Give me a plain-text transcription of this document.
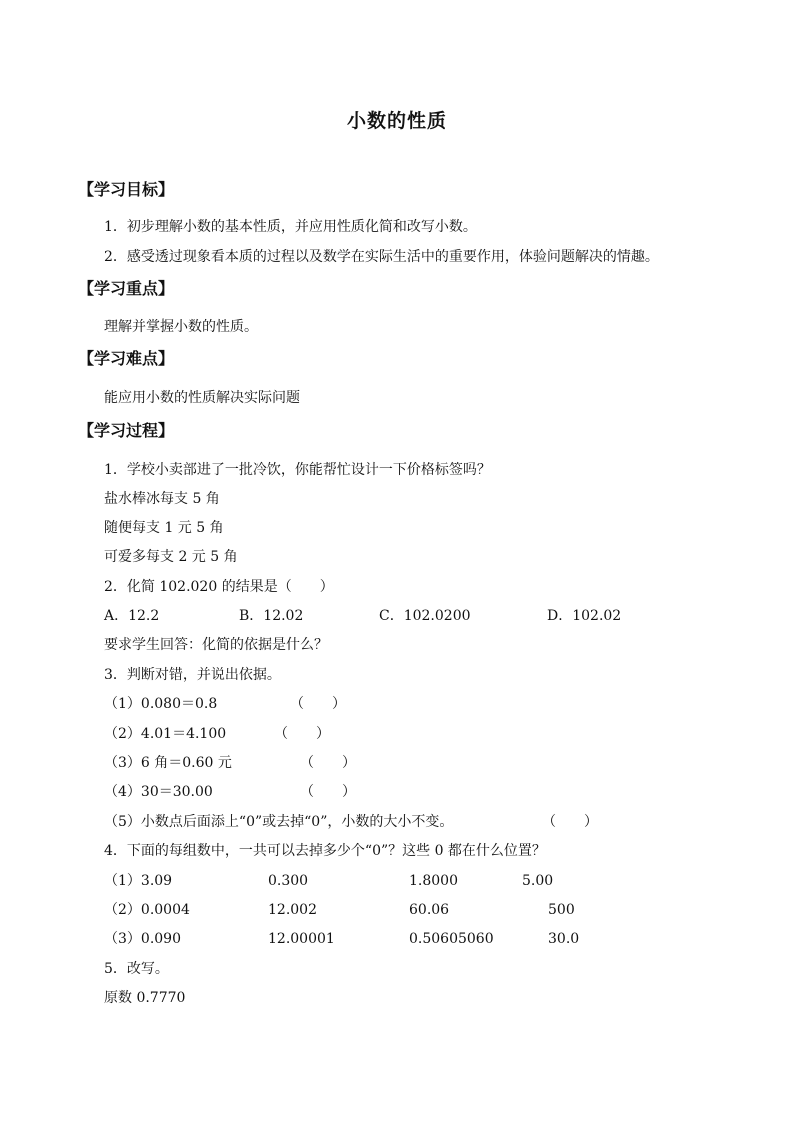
小数的性质
【学习目标】
1．初步理解小数的基本性质，并应用性质化简和改写小数。
2．感受透过现象看本质的过程以及数学在实际生活中的重要作用，体验问题解决的情趣。
【学习重点】
理解并掌握小数的性质。
【学习难点】
能应用小数的性质解决实际问题
【学习过程】
1．学校小卖部进了一批冷饮，你能帮忙设计一下价格标签吗？
盐水棒冰每支 5 角
随便每支 1 元 5 角
可爱多每支 2 元 5 角
2．化简 102.020 的结果是（　　）
A．12.2	B．12.02	C．102.0200	D．102.02
要求学生回答：化简的依据是什么？
3．判断对错，并说出依据。
（1）0.080＝0.8	（　　）
（2）4.01＝4.100	（　　）
（3）6 角＝0.60 元	（　　）
（4）30＝30.00	（　　）
（5）小数点后面添上“0”或去掉“0”，小数的大小不变。	（　　）
4．下面的每组数中，一共可以去掉多少个“0”？这些 0 都在什么位置？
（1）3.09	0.300	1.8000	5.00
（2）0.0004	12.002	60.06	500
（3）0.090	12.00001	0.50605060	30.0
5．改写。
原数 0.7770
